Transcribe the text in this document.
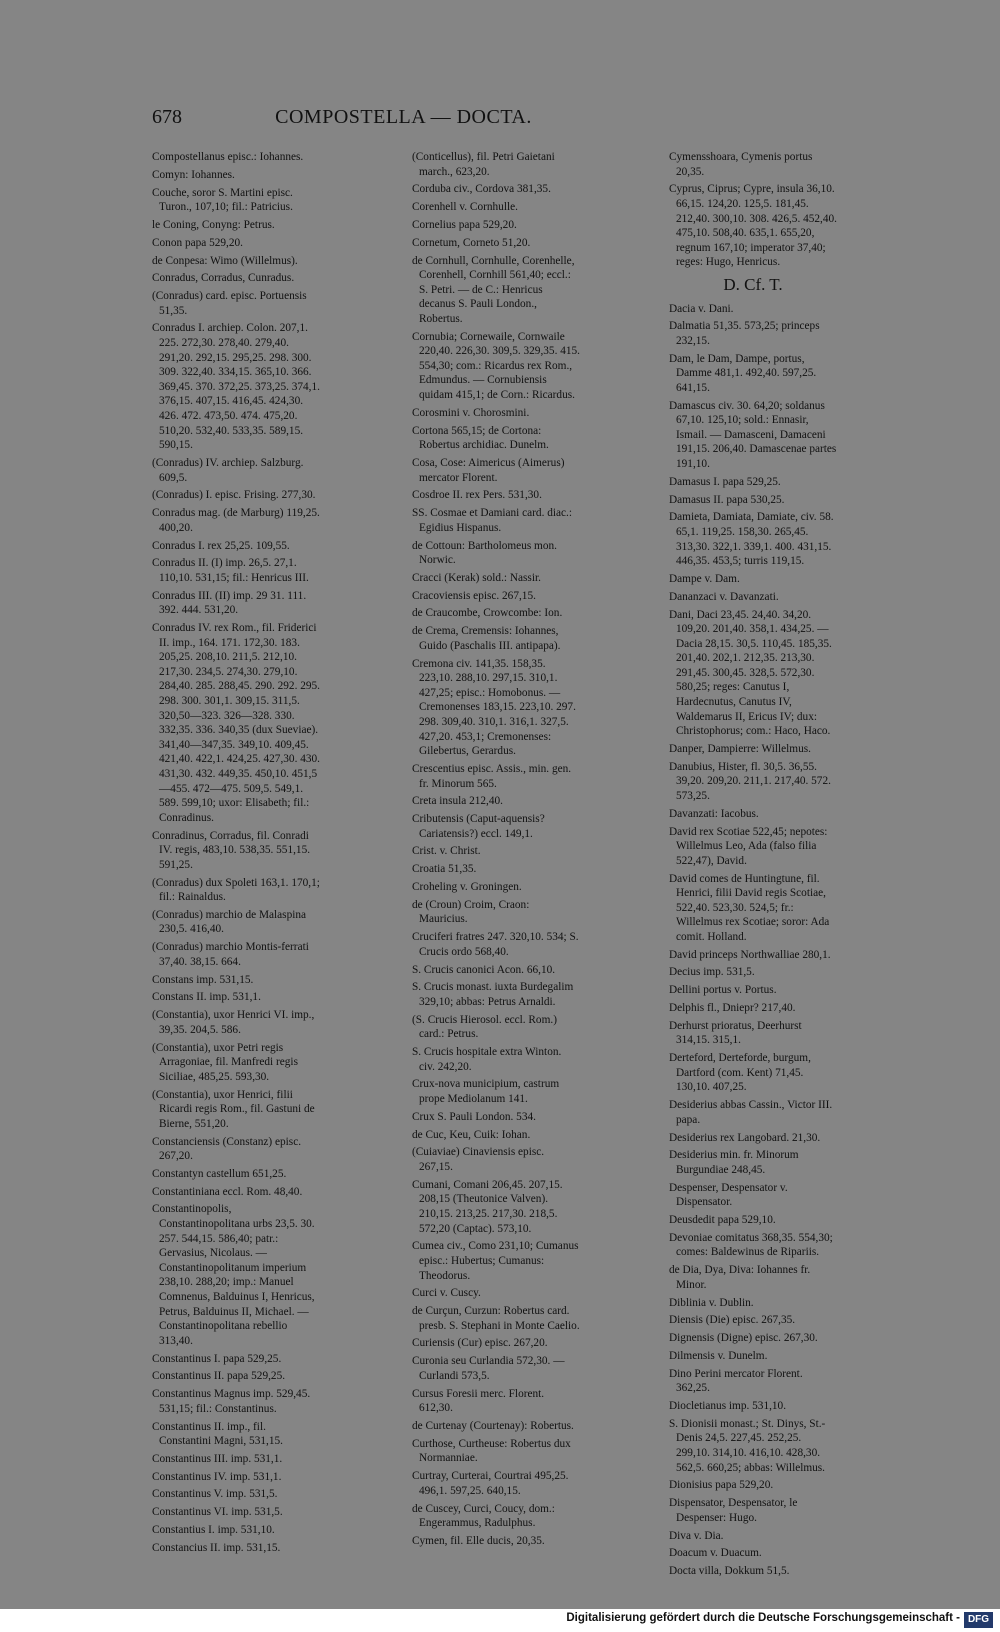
678	COMPOSTELLA — DOCTA.

Compostellanus episc.: Iohannes.

Comyn: Iohannes.

Couche, soror S. Martini episc. Turon., 107,10; fil.: Patricius.

le Coning, Conyng: Petrus.

Conon papa 529,20.

de Conpesa: Wimo (Willelmus).

Conradus, Corradus, Cunradus.

(Conradus) card. episc. Portuensis 51,35.

Conradus I. archiep. Colon. 207,1. 225. 272,30. 278,40. 279,40. 291,20. 292,15. 295,25. 298. 300. 309. 322,40. 334,15. 365,10. 366. 369,45. 370. 372,25. 373,25. 374,1. 376,15. 407,15. 416,45. 424,30. 426. 472. 473,50. 474. 475,20. 510,20. 532,40. 533,35. 589,15. 590,15.

(Conradus) IV. archiep. Salzburg. 609,5.

(Conradus) I. episc. Frising. 277,30.

Conradus mag. (de Marburg) 119,25. 400,20.

Conradus I. rex 25,25. 109,55.

Conradus II. (I) imp. 26,5. 27,1. 110,10. 531,15; fil.: Henricus III.

Conradus III. (II) imp. 29 31. 111. 392. 444. 531,20.

Conradus IV. rex Rom., fil. Friderici II. imp., 164. 171. 172,30. 183. 205,25. 208,10. 211,5. 212,10. 217,30. 234,5. 274,30. 279,10. 284,40. 285. 288,45. 290. 292. 295. 298. 300. 301,1. 309,15. 311,5. 320,50—323. 326—328. 330. 332,35. 336. 340,35 (dux Sueviae). 341,40—347,35. 349,10. 409,45. 421,40. 422,1. 424,25. 427,30. 430. 431,30. 432. 449,35. 450,10. 451,5—455. 472—475. 509,5. 549,1. 589. 599,10; uxor: Elisabeth; fil.: Conradinus.

Conradinus, Corradus, fil. Conradi IV. regis, 483,10. 538,35. 551,15. 591,25.

(Conradus) dux Spoleti 163,1. 170,1; fil.: Rainaldus.

(Conradus) marchio de Malaspina 230,5. 416,40.

(Conradus) marchio Montis-ferrati 37,40. 38,15. 664.

Constans imp. 531,15.

Constans II. imp. 531,1.

(Constantia), uxor Henrici VI. imp., 39,35. 204,5. 586.

(Constantia), uxor Petri regis Arragoniae, fil. Manfredi regis Siciliae, 485,25. 593,30.

(Constantia), uxor Henrici, filii Ricardi regis Rom., fil. Gastuni de Bierne, 551,20.

Constanciensis (Constanz) episc. 267,20.

Constantyn castellum 651,25.

Constantiniana eccl. Rom. 48,40.

Constantinopolis, Constantinopolitana urbs 23,5. 30. 257. 544,15. 586,40; patr.: Gervasius, Nicolaus. — Constantinopolitanum imperium 238,10. 288,20; imp.: Manuel Comnenus, Balduinus I, Henricus, Petrus, Balduinus II, Michael. — Constantinopolitana rebellio 313,40.

Constantinus I. papa 529,25.

Constantinus II. papa 529,25.

Constantinus Magnus imp. 529,45. 531,15; fil.: Constantinus.

Constantinus II. imp., fil. Constantini Magni, 531,15.

Constantinus III. imp. 531,1.

Constantinus IV. imp. 531,1.

Constantinus V. imp. 531,5.

Constantinus VI. imp. 531,5.

Constantius I. imp. 531,10.

Constancius II. imp. 531,15.

(Conticellus), fil. Petri Gaietani march., 623,20.

Corduba civ., Cordova 381,35.

Corenhell v. Cornhulle.

Cornelius papa 529,20.

Cornetum, Corneto 51,20.

de Cornhull, Cornhulle, Corenhelle, Corenhell, Cornhill 561,40; eccl.: S. Petri. — de C.: Henricus decanus S. Pauli London., Robertus.

Cornubia; Cornewaile, Cornwaile 220,40. 226,30. 309,5. 329,35. 415. 554,30; com.: Ricardus rex Rom., Edmundus. — Cornubiensis quidam 415,1; de Corn.: Ricardus.

Corosmini v. Chorosmini.

Cortona 565,15; de Cortona: Robertus archidiac. Dunelm.

Cosa, Cose: Aimericus (Aimerus) mercator Florent.

Cosdroe II. rex Pers. 531,30.

SS. Cosmae et Damiani card. diac.: Egidius Hispanus.

de Cottoun: Bartholomeus mon. Norwic.

Cracci (Kerak) sold.: Nassir.

Cracoviensis episc. 267,15.

de Craucombe, Crowcombe: Ion.

de Crema, Cremensis: Iohannes, Guido (Paschalis III. antipapa).

Cremona civ. 141,35. 158,35. 223,10. 288,10. 297,15. 310,1. 427,25; episc.: Homobonus. — Cremonenses 183,15. 223,10. 297. 298. 309,40. 310,1. 316,1. 327,5. 427,20. 453,1; Cremonenses: Gilebertus, Gerardus.

Crescentius episc. Assis., min. gen. fr. Minorum 565.

Creta insula 212,40.

Cributensis (Caput-aquensis? Cariatensis?) eccl. 149,1.

Crist. v. Christ.

Croatia 51,35.

Croheling v. Groningen.

de (Croun) Croim, Craon: Mauricius.

Cruciferi fratres 247. 320,10. 534; S. Crucis ordo 568,40.

S. Crucis canonici Acon. 66,10.

S. Crucis monast. iuxta Burdegalim 329,10; abbas: Petrus Arnaldi.

(S. Crucis Hierosol. eccl. Rom.) card.: Petrus.

S. Crucis hospitale extra Winton. civ. 242,20.

Crux-nova municipium, castrum prope Mediolanum 141.

Crux S. Pauli London. 534.

de Cuc, Keu, Cuik: Iohan.

(Cuiaviae) Cinaviensis episc. 267,15.

Cumani, Comani 206,45. 207,15. 208,15 (Theutonice Valven). 210,15. 213,25. 217,30. 218,5. 572,20 (Captac). 573,10.

Cumea civ., Como 231,10; Cumanus episc.: Hubertus; Cumanus: Theodorus.

Curci v. Cuscy.

de Curçun, Curzun: Robertus card. presb. S. Stephani in Monte Caelio.

Curiensis (Cur) episc. 267,20.

Curonia seu Curlandia 572,30. — Curlandi 573,5.

Cursus Foresii merc. Florent. 612,30.

de Curtenay (Courtenay): Robertus.

Curthose, Curtheuse: Robertus dux Normanniae.

Curtray, Curterai, Courtrai 495,25. 496,1. 597,25. 640,15.

de Cuscey, Curci, Coucy, dom.: Engerammus, Radulphus.

Cymen, fil. Elle ducis, 20,35.

Cymensshoara, Cymenis portus 20,35.

Cyprus, Ciprus; Cypre, insula 36,10. 66,15. 124,20. 125,5. 181,45. 212,40. 300,10. 308. 426,5. 452,40. 475,10. 508,40. 635,1. 655,20, regnum 167,10; imperator 37,40; reges: Hugo, Henricus.

D. Cf. T.

Dacia v. Dani.

Dalmatia 51,35. 573,25; princeps 232,15.

Dam, le Dam, Dampe, portus, Damme 481,1. 492,40. 597,25. 641,15.

Damascus civ. 30. 64,20; soldanus 67,10. 125,10; sold.: Ennasir, Ismail. — Damasceni, Damaceni 191,15. 206,40. Damascenae partes 191,10.

Damasus I. papa 529,25.

Damasus II. papa 530,25.

Damieta, Damiata, Damiate, civ. 58. 65,1. 119,25. 158,30. 265,45. 313,30. 322,1. 339,1. 400. 431,15. 446,35. 453,5; turris 119,15.

Dampe v. Dam.

Dananzaci v. Davanzati.

Dani, Daci 23,45. 24,40. 34,20. 109,20. 201,40. 358,1. 434,25. — Dacia 28,15. 30,5. 110,45. 185,35. 201,40. 202,1. 212,35. 213,30. 291,45. 300,45. 328,5. 572,30. 580,25; reges: Canutus I, Hardecnutus, Canutus IV, Waldemarus II, Ericus IV; dux: Christophorus; com.: Haco, Haco.

Danper, Dampierre: Willelmus.

Danubius, Hister, fl. 30,5. 36,55. 39,20. 209,20. 211,1. 217,40. 572. 573,25.

Davanzati: Iacobus.

David rex Scotiae 522,45; nepotes: Willelmus Leo, Ada (falso filia 522,47), David.

David comes de Huntingtune, fil. Henrici, filii David regis Scotiae, 522,40. 523,30. 524,5; fr.: Willelmus rex Scotiae; soror: Ada comit. Holland.

David princeps Northwalliae 280,1.

Decius imp. 531,5.

Dellini portus v. Portus.

Delphis fl., Dniepr? 217,40.

Derhurst prioratus, Deerhurst 314,15. 315,1.

Derteford, Derteforde, burgum, Dartford (com. Kent) 71,45. 130,10. 407,25.

Desiderius abbas Cassin., Victor III. papa.

Desiderius rex Langobard. 21,30.

Desiderius min. fr. Minorum Burgundiae 248,45.

Despenser, Despensator v. Dispensator.

Deusdedit papa 529,10.

Devoniae comitatus 368,35. 554,30; comes: Baldewinus de Ripariis.

de Dia, Dya, Diva: Iohannes fr. Minor.

Diblinia v. Dublin.

Diensis (Die) episc. 267,35.

Dignensis (Digne) episc. 267,30.

Dilmensis v. Dunelm.

Dino Perini mercator Florent. 362,25.

Diocletianus imp. 531,10.

S. Dionisii monast.; St. Dinys, St.-Denis 24,5. 227,45. 252,25. 299,10. 314,10. 416,10. 428,30. 562,5. 660,25; abbas: Willelmus.

Dionisius papa 529,20.

Dispensator, Despensator, le Despenser: Hugo.

Diva v. Dia.

Doacum v. Duacum.

Docta villa, Dokkum 51,5.

Digitalisierung gefördert durch die Deutsche Forschungsgemeinschaft - DFG
